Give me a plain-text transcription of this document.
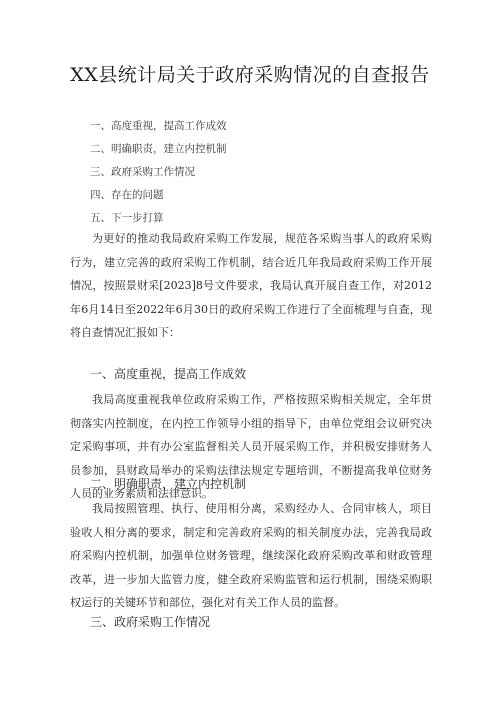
XX县统计局关于政府采购情况的自查报告
一、高度重视，提高工作成效
二、明确职责，建立内控机制
三、政府采购工作情况
四、存在的问题
五、下一步打算
为更好的推动我局政府采购工作发展，规范各采购当事人的政府采购行为，建立完善的政府采购工作机制，结合近几年我局政府采购工作开展情况，按照景财采[2023]8号文件要求，我局认真开展自查工作，对2012年6月14日至2022年6月30日的政府采购工作进行了全面梳理与自查，现将自查情况汇报如下：
一、高度重视，提高工作成效
我局高度重视我单位政府采购工作，严格按照采购相关规定，全年贯彻落实内控制度，在内控工作领导小组的指导下，由单位党组会议研究决定采购事项，并有办公室监督相关人员开展采购工作，并积极安排财务人员参加，县财政局举办的采购法律法规定专题培训，不断提高我单位财务人员的业务素质和法律意识。
二、明确职责，建立内控机制
我局按照管理、执行、使用相分离，采购经办人、合同审核人，项目验收人相分离的要求，制定和完善政府采购的相关制度办法，完善我局政府采购内控机制，加强单位财务管理，继续深化政府采购改革和财政管理改革，进一步加大监管力度，健全政府采购监管和运行机制，围绕采购职权运行的关键环节和部位，强化对有关工作人员的监督。
三、政府采购工作情况
